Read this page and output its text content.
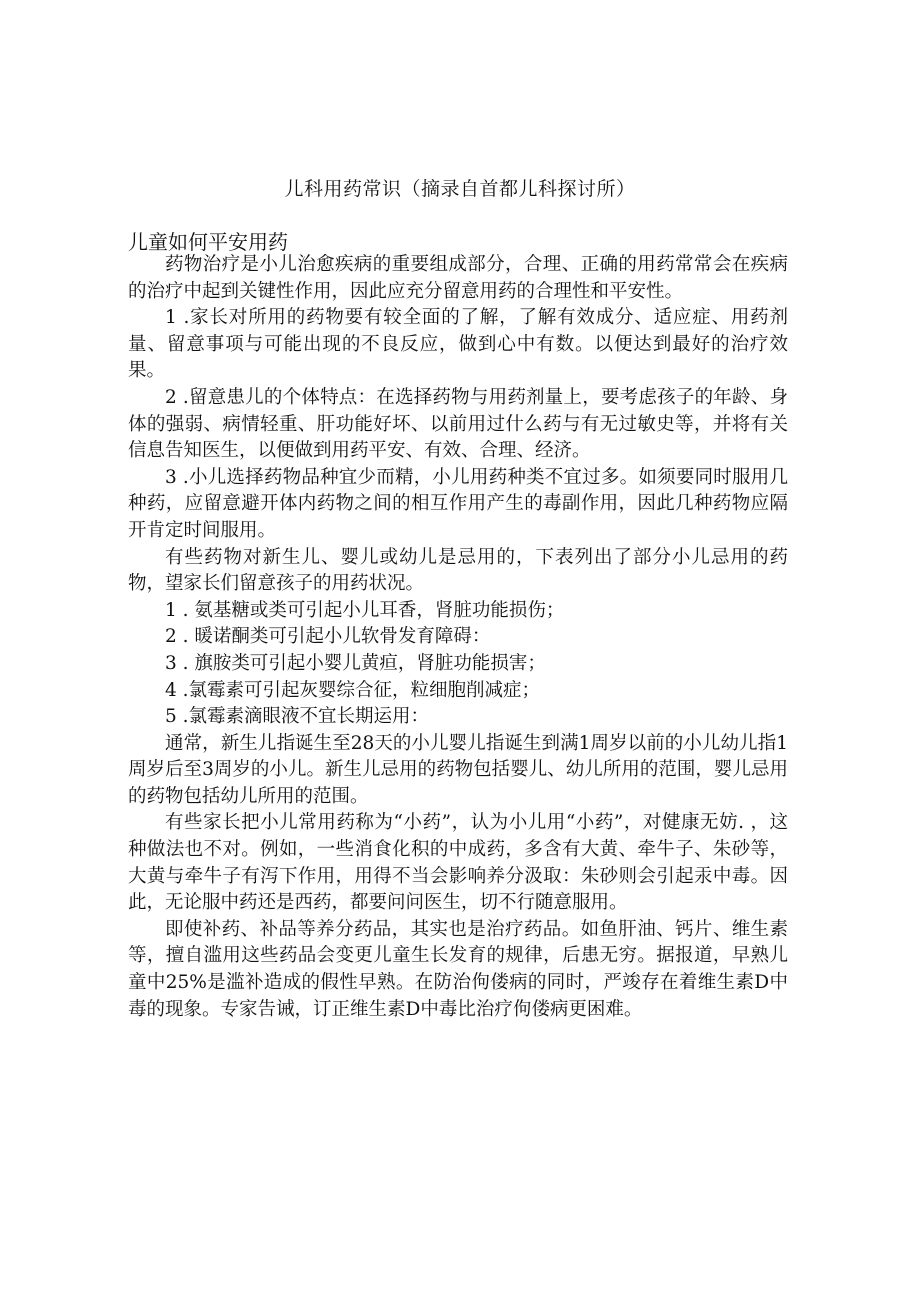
儿科用药常识（摘录自首都儿科探讨所）
儿童如何平安用药

药物治疗是小儿治愈疾病的重要组成部分，合理、正确的用药常常会在疾病的治疗中起到关键性作用，因此应充分留意用药的合理性和平安性。

1 .家长对所用的药物要有较全面的了解，了解有效成分、适应症、用药剂量、留意事项与可能出现的不良反应，做到心中有数。以便达到最好的治疗效果。

2 .留意患儿的个体特点：在选择药物与用药剂量上，要考虑孩子的年龄、身体的强弱、病情轻重、肝功能好坏、以前用过什么药与有无过敏史等，并将有关信息告知医生，以便做到用药平安、有效、合理、经济。

3 .小儿选择药物品种宜少而精，小儿用药种类不宜过多。如须要同时服用几种药，应留意避开体内药物之间的相互作用产生的毒副作用，因此几种药物应隔开肯定时间服用。

有些药物对新生儿、婴儿或幼儿是忌用的，下表列出了部分小儿忌用的药物，望家长们留意孩子的用药状况。

1 . 氨基糖或类可引起小儿耳香，肾脏功能损伤；

2 . 暖诺酮类可引起小儿软骨发育障碍：

3 . 旗胺类可引起小婴儿黄疸，肾脏功能损害；

4 .氯霉素可引起灰婴综合征，粒细胞削减症；

5 .氯霉素滴眼液不宜长期运用：

通常，新生儿指诞生至28天的小儿婴儿指诞生到满1周岁以前的小儿幼儿指1周岁后至3周岁的小儿。新生儿忌用的药物包括婴儿、幼儿所用的范围，婴儿忌用的药物包括幼儿所用的范围。

有些家长把小儿常用药称为“小药”，认为小儿用“小药”，对健康无妨. ，这种做法也不对。例如，一些消食化积的中成药，多含有大黄、牵牛子、朱砂等，大黄与牵牛子有泻下作用，用得不当会影响养分汲取：朱砂则会引起汞中毒。因此，无论服中药还是西药，都要问问医生，切不行随意服用。

即使补药、补品等养分药品，其实也是治疗药品。如鱼肝油、钙片、维生素等，擅自滥用这些药品会变更儿童生长发育的规律，后患无穷。据报道，早熟儿童中25%是滥补造成的假性早熟。在防治佝偻病的同时，严竣存在着维生素D中毒的现象。专家告诫，订正维生素D中毒比治疗佝偻病更困难。
